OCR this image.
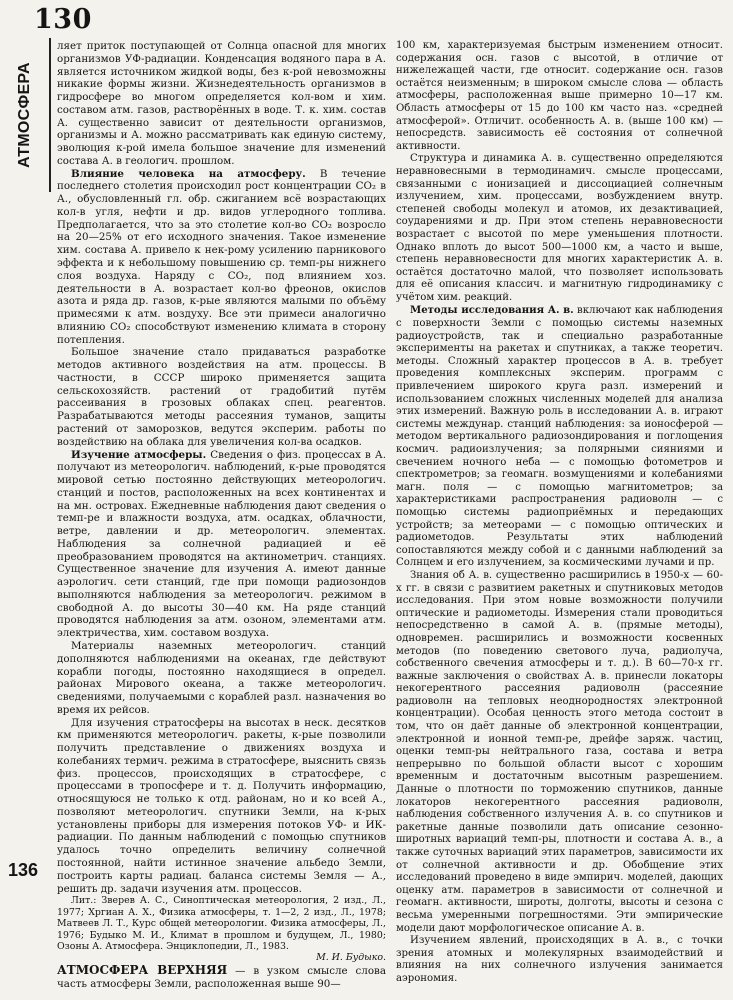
130
АТМОСФЕРА
136

ляет приток поступающей от Солнца опасной для многих организмов УФ-радиации. Конденсация водяного пара в А. является источником жидкой воды, без к-рой невозможны никакие формы жизни. Жизнедеятельность организмов в гидросфере во многом определяется кол-вом и хим. составом атм. газов, растворённых в воде. Т. к. хим. состав А. существенно зависит от деятельности организмов, организмы и А. можно рассматривать как единую систему, эволюция к-рой имела большое значение для изменений состава А. в геологич. прошлом.

Влияние человека на атмосферу. В течение последнего столетия происходил рост концентрации CO₂ в А., обусловленный гл. обр. сжиганием всё возрастающих кол-в угля, нефти и др. видов углеродного топлива. Предполагается, что за это столетие кол-во CO₂ возросло на 20—25% от его исходного значения. Такое изменение хим. состава А. привело к нек-рому усилению парникового эффекта и к небольшому повышению ср. темп-ры нижнего слоя воздуха. Наряду с CO₂, под влиянием хоз. деятельности в А. возрастает кол-во фреонов, окислов азота и ряда др. газов, к-рые являются малыми по объёму примесями к атм. воздуху. Все эти примеси аналогично влиянию CO₂ способствуют изменению климата в сторону потепления.

Большое значение стало придаваться разработке методов активного воздействия на атм. процессы. В частности, в СССР широко применяется защита сельскохозяйств. растений от градобитий путём рассеивания в грозовых облаках спец. реагентов. Разрабатываются методы рассеяния туманов, защиты растений от заморозков, ведутся эксперим. работы по воздействию на облака для увеличения кол-ва осадков.

Изучение атмосферы. Сведения о физ. процессах в А. получают из метеорологич. наблюдений, к-рые проводятся мировой сетью постоянно действующих метеорологич. станций и постов, расположенных на всех континентах и на мн. островах. Ежедневные наблюдения дают сведения о темп-ре и влажности воздуха, атм. осадках, облачности, ветре, давлении и др. метеорологич. элементах. Наблюдения за солнечной радиацией и её преобразованием проводятся на актинометрич. станциях. Существенное значение для изучения А. имеют данные аэрологич. сети станций, где при помощи радиозондов выполняются наблюдения за метеорологич. режимом в свободной А. до высоты 30—40 км. На ряде станций проводятся наблюдения за атм. озоном, элементами атм. электричества, хим. составом воздуха.

Материалы наземных метеорологич. станций дополняются наблюдениями на океанах, где действуют корабли погоды, постоянно находящиеся в определ. районах Мирового океана, а также метеорологич. сведениями, получаемыми с кораблей разл. назначения во время их рейсов.

Для изучения стратосферы на высотах в неск. десятков км применяются метеорологич. ракеты, к-рые позволили получить представление о движениях воздуха и колебаниях термич. режима в стратосфере, выяснить связь физ. процессов, происходящих в стратосфере, с процессами в тропосфере и т. д. Получить информацию, относящуюся не только к отд. районам, но и ко всей А., позволяют метеорологич. спутники Земли, на к-рых установлены приборы для измерения потоков УФ- и ИК-радиации. По данным наблюдений с помощью спутников удалось точно определить величину солнечной постоянной, найти истинное значение альбедо Земли, построить карты радиац. баланса системы Земля — А., решить др. задачи изучения атм. процессов.

Лит.: Зверев А. С., Синоптическая метеорология, 2 изд., Л., 1977; Хргиан А. Х., Физика атмосферы, т. 1—2, 2 изд., Л., 1978; Матвеев Л. Т., Курс общей метеорологии. Физика атмосферы, Л., 1976; Будыко М. И., Климат в прошлом и будущем, Л., 1980; Озоны А. Атмосфера. Энциклопедии, Л., 1983.

М. И. Будыко.

АТМОСФЕРА ВЕРХНЯЯ — в узком смысле слова часть атмосферы Земли, расположенная выше 90—

100 км, характеризуемая быстрым изменением относит. содержания осн. газов с высотой, в отличие от нижележащей части, где относит. содержание осн. газов остаётся неизменным; в широком смысле слова — область атмосферы, расположенная выше примерно 10—17 км. Область атмосферы от 15 до 100 км часто наз. «средней атмосферой». Отличит. особенность А. в. (выше 100 км) — непосредств. зависимость её состояния от солнечной активности.

Структура и динамика А. в. существенно определяются неравновесными в термодинамич. смысле процессами, связанными с ионизацией и диссоциацией солнечным излучением, хим. процессами, возбуждением внутр. степеней свободы молекул и атомов, их дезактивацией, соударениями и др. При этом степень неравновесности возрастает с высотой по мере уменьшения плотности. Однако вплоть до высот 500—1000 км, а часто и выше, степень неравновесности для многих характеристик А. в. остаётся достаточно малой, что позволяет использовать для её описания классич. и магнитную гидродинамику с учётом хим. реакций.

Методы исследования А. в. включают как наблюдения с поверхности Земли с помощью системы наземных радиоустройств, так и специально разработанные эксперименты на ракетах и спутниках, а также теоретич. методы. Сложный характер процессов в А. в. требует проведения комплексных эксперим. программ с привлечением широкого круга разл. измерений и использованием сложных численных моделей для анализа этих измерений. Важную роль в исследовании А. в. играют системы междунар. станций наблюдения: за ионосферой — методом вертикального радиозондирования и поглощения космич. радиоизлучения; за полярными сияниями и свечением ночного неба — с помощью фотометров и спектрометров; за геомагн. возмущениями и колебаниями магн. поля — с помощью магнитометров; за характеристиками распространения радиоволн — с помощью системы радиоприёмных и передающих устройств; за метеорами — с помощью оптических и радиометодов. Результаты этих наблюдений сопоставляются между собой и с данными наблюдений за Солнцем и его излучением, за космическими лучами и пр.

Знания об А. в. существенно расширились в 1950-х — 60-х гг. в связи с развитием ракетных и спутниковых методов исследования. При этом новые возможности получили оптические и радиометоды. Измерения стали проводиться непосредственно в самой А. в. (прямые методы), одновремен. расширились и возможности косвенных методов (по поведению светового луча, радиолуча, собственного свечения атмосферы и т. д.). В 60—70-х гг. важные заключения о свойствах А. в. принесли локаторы некогерентного рассеяния радиоволн (рассеяние радиоволн на тепловых неоднородностях электронной концентрации). Особая ценность этого метода состоит в том, что он даёт данные об электронной концентрации, электронной и ионной темп-ре, дрейфе заряж. частиц, оценки темп-ры нейтрального газа, состава и ветра непрерывно по большой области высот с хорошим временным и достаточным высотным разрешением. Данные о плотности по торможению спутников, данные локаторов некогерентного рассеяния радиоволн, наблюдения собственного излучения А. в. со спутников и ракетные данные позволили дать описание сезонно-широтных вариаций темп-ры, плотности и состава А. в., а также суточных вариаций этих параметров, зависимости их от солнечной активности и др. Обобщение этих исследований проведено в виде эмпирич. моделей, дающих оценку атм. параметров в зависимости от солнечной и геомагн. активности, широты, долготы, высоты и сезона с весьма умеренными погрешностями. Эти эмпирические модели дают морфологическое описание А. в.

Изучением явлений, происходящих в А. в., с точки зрения атомных и молекулярных взаимодействий и влияния на них солнечного излучения занимается аэрономия.
